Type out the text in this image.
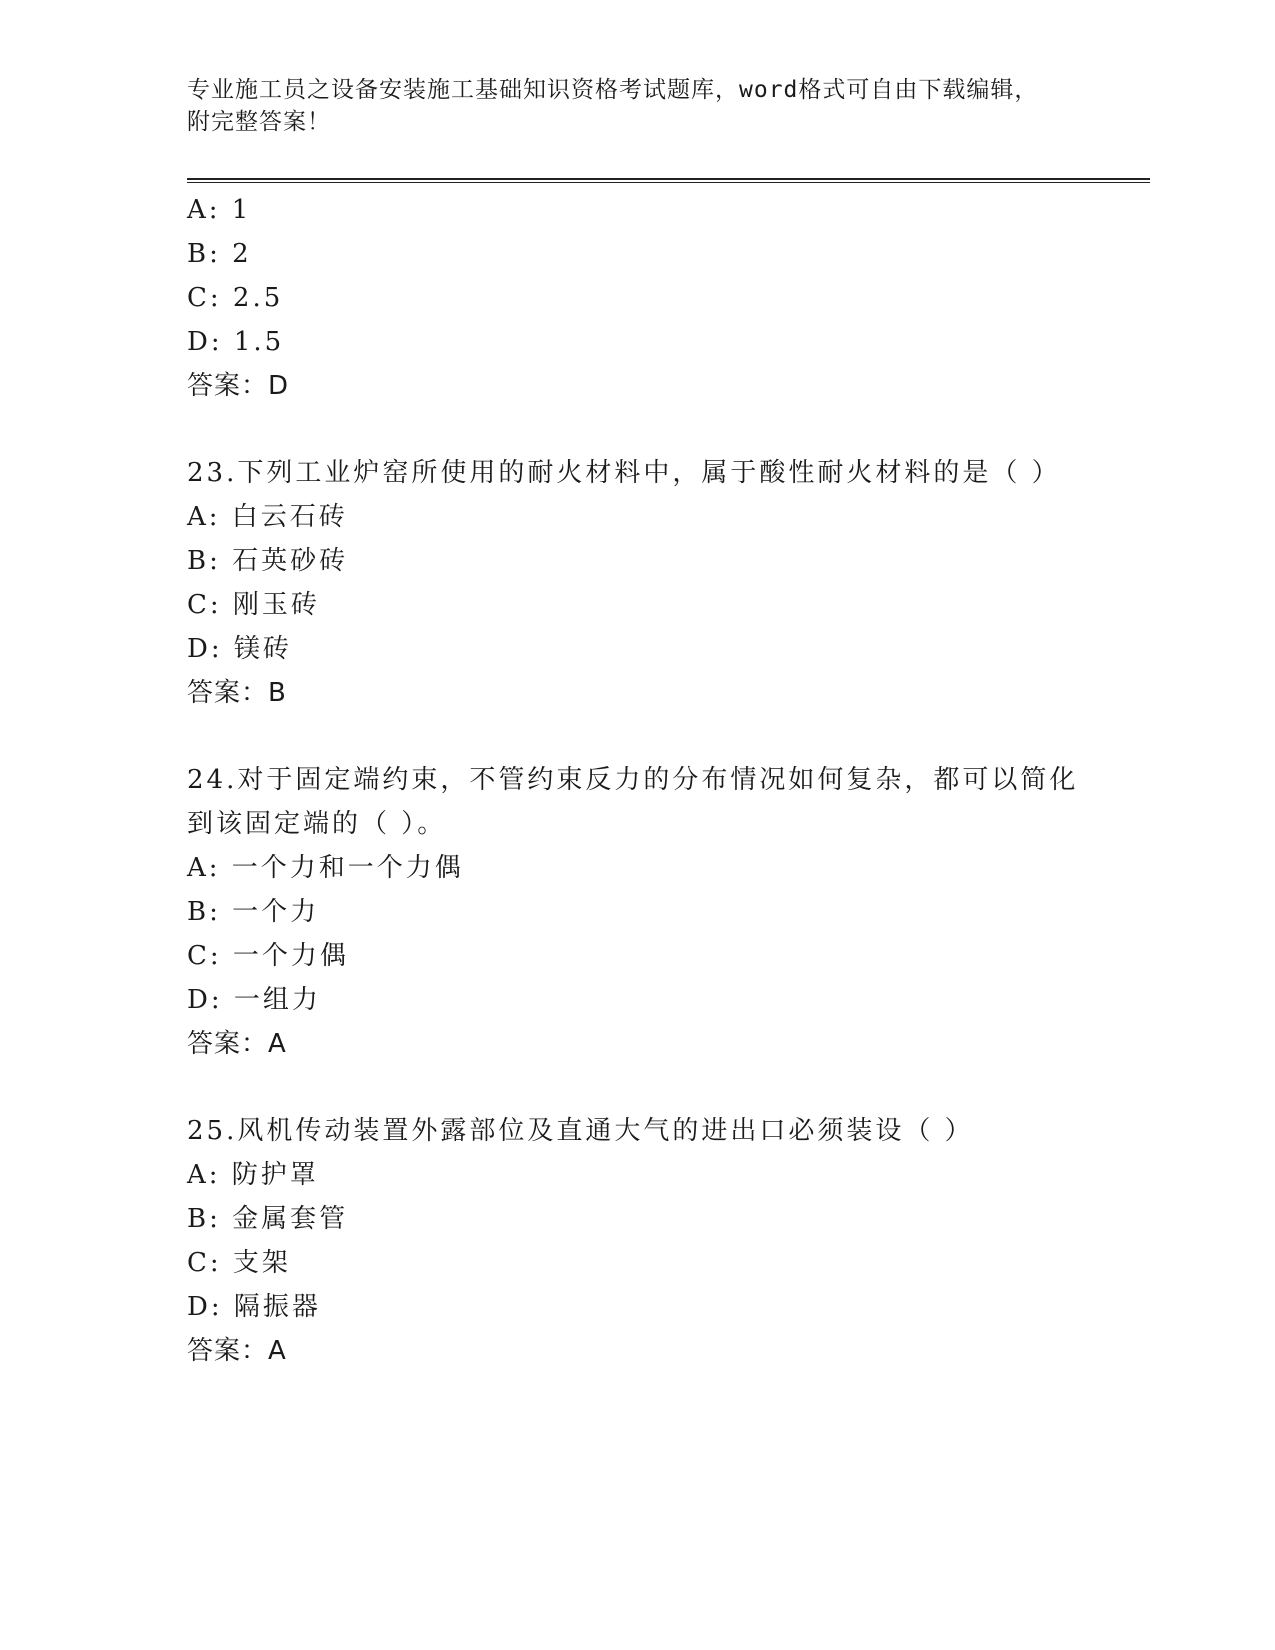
专业施工员之设备安装施工基础知识资格考试题库，word格式可自由下载编辑，
附完整答案！
A: 1
B: 2
C: 2.5
D: 1.5
答案：D
23.下列工业炉窑所使用的耐火材料中，属于酸性耐火材料的是（ ）
A: 白云石砖
B: 石英砂砖
C: 刚玉砖
D: 镁砖
答案：B
24.对于固定端约束，不管约束反力的分布情况如何复杂，都可以简化
到该固定端的（ ）。
A: 一个力和一个力偶
B: 一个力
C: 一个力偶
D: 一组力
答案：A
25.风机传动装置外露部位及直通大气的进出口必须装设（ ）
A: 防护罩
B: 金属套管
C: 支架
D: 隔振器
答案：A
